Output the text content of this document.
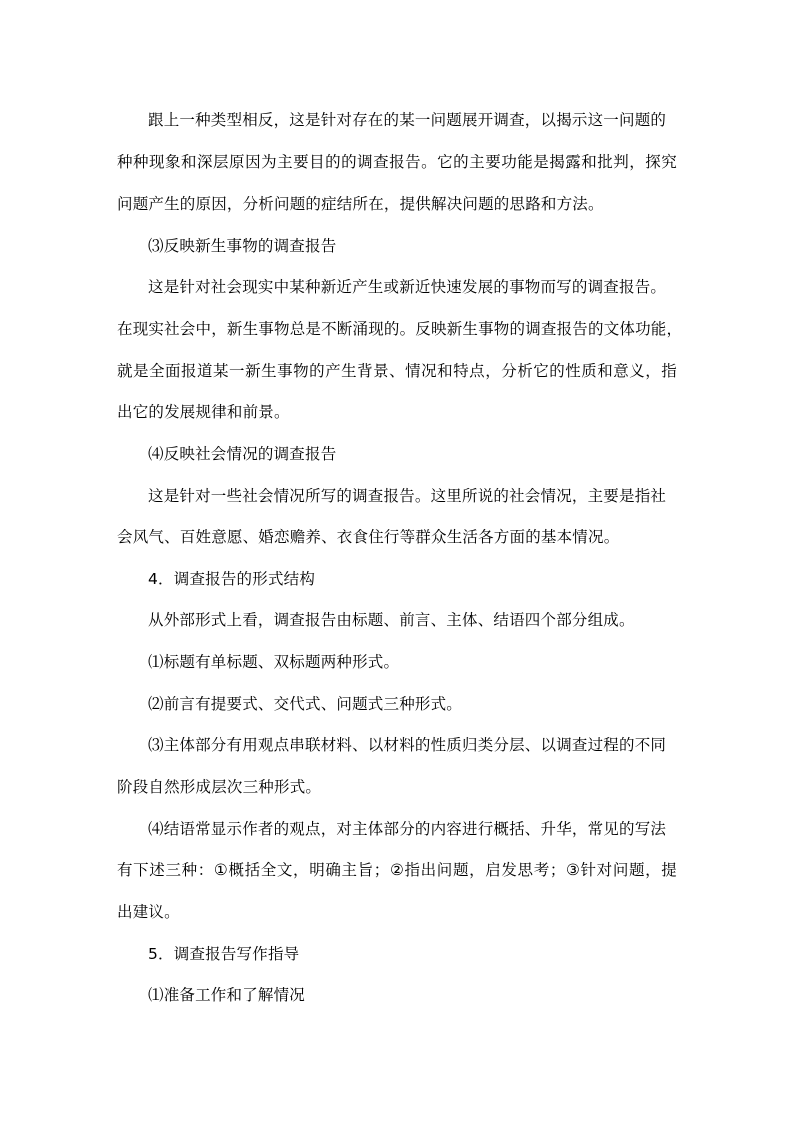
跟上一种类型相反，这是针对存在的某一问题展开调查，以揭示这一问题的
种种现象和深层原因为主要目的的调查报告。它的主要功能是揭露和批判，探究
问题产生的原因，分析问题的症结所在，提供解决问题的思路和方法。
⑶反映新生事物的调查报告
这是针对社会现实中某种新近产生或新近快速发展的事物而写的调查报告。
在现实社会中，新生事物总是不断涌现的。反映新生事物的调查报告的文体功能，
就是全面报道某一新生事物的产生背景、情况和特点，分析它的性质和意义，指
出它的发展规律和前景。
⑷反映社会情况的调查报告
这是针对一些社会情况所写的调查报告。这里所说的社会情况，主要是指社
会风气、百姓意愿、婚恋赡养、衣食住行等群众生活各方面的基本情况。
4．调查报告的形式结构
从外部形式上看，调查报告由标题、前言、主体、结语四个部分组成。
⑴标题有单标题、双标题两种形式。
⑵前言有提要式、交代式、问题式三种形式。
⑶主体部分有用观点串联材料、以材料的性质归类分层、以调查过程的不同
阶段自然形成层次三种形式。
⑷结语常显示作者的观点，对主体部分的内容进行概括、升华，常见的写法
有下述三种：①概括全文，明确主旨；②指出问题，启发思考；③针对问题，提
出建议。
5．调查报告写作指导
⑴准备工作和了解情况
